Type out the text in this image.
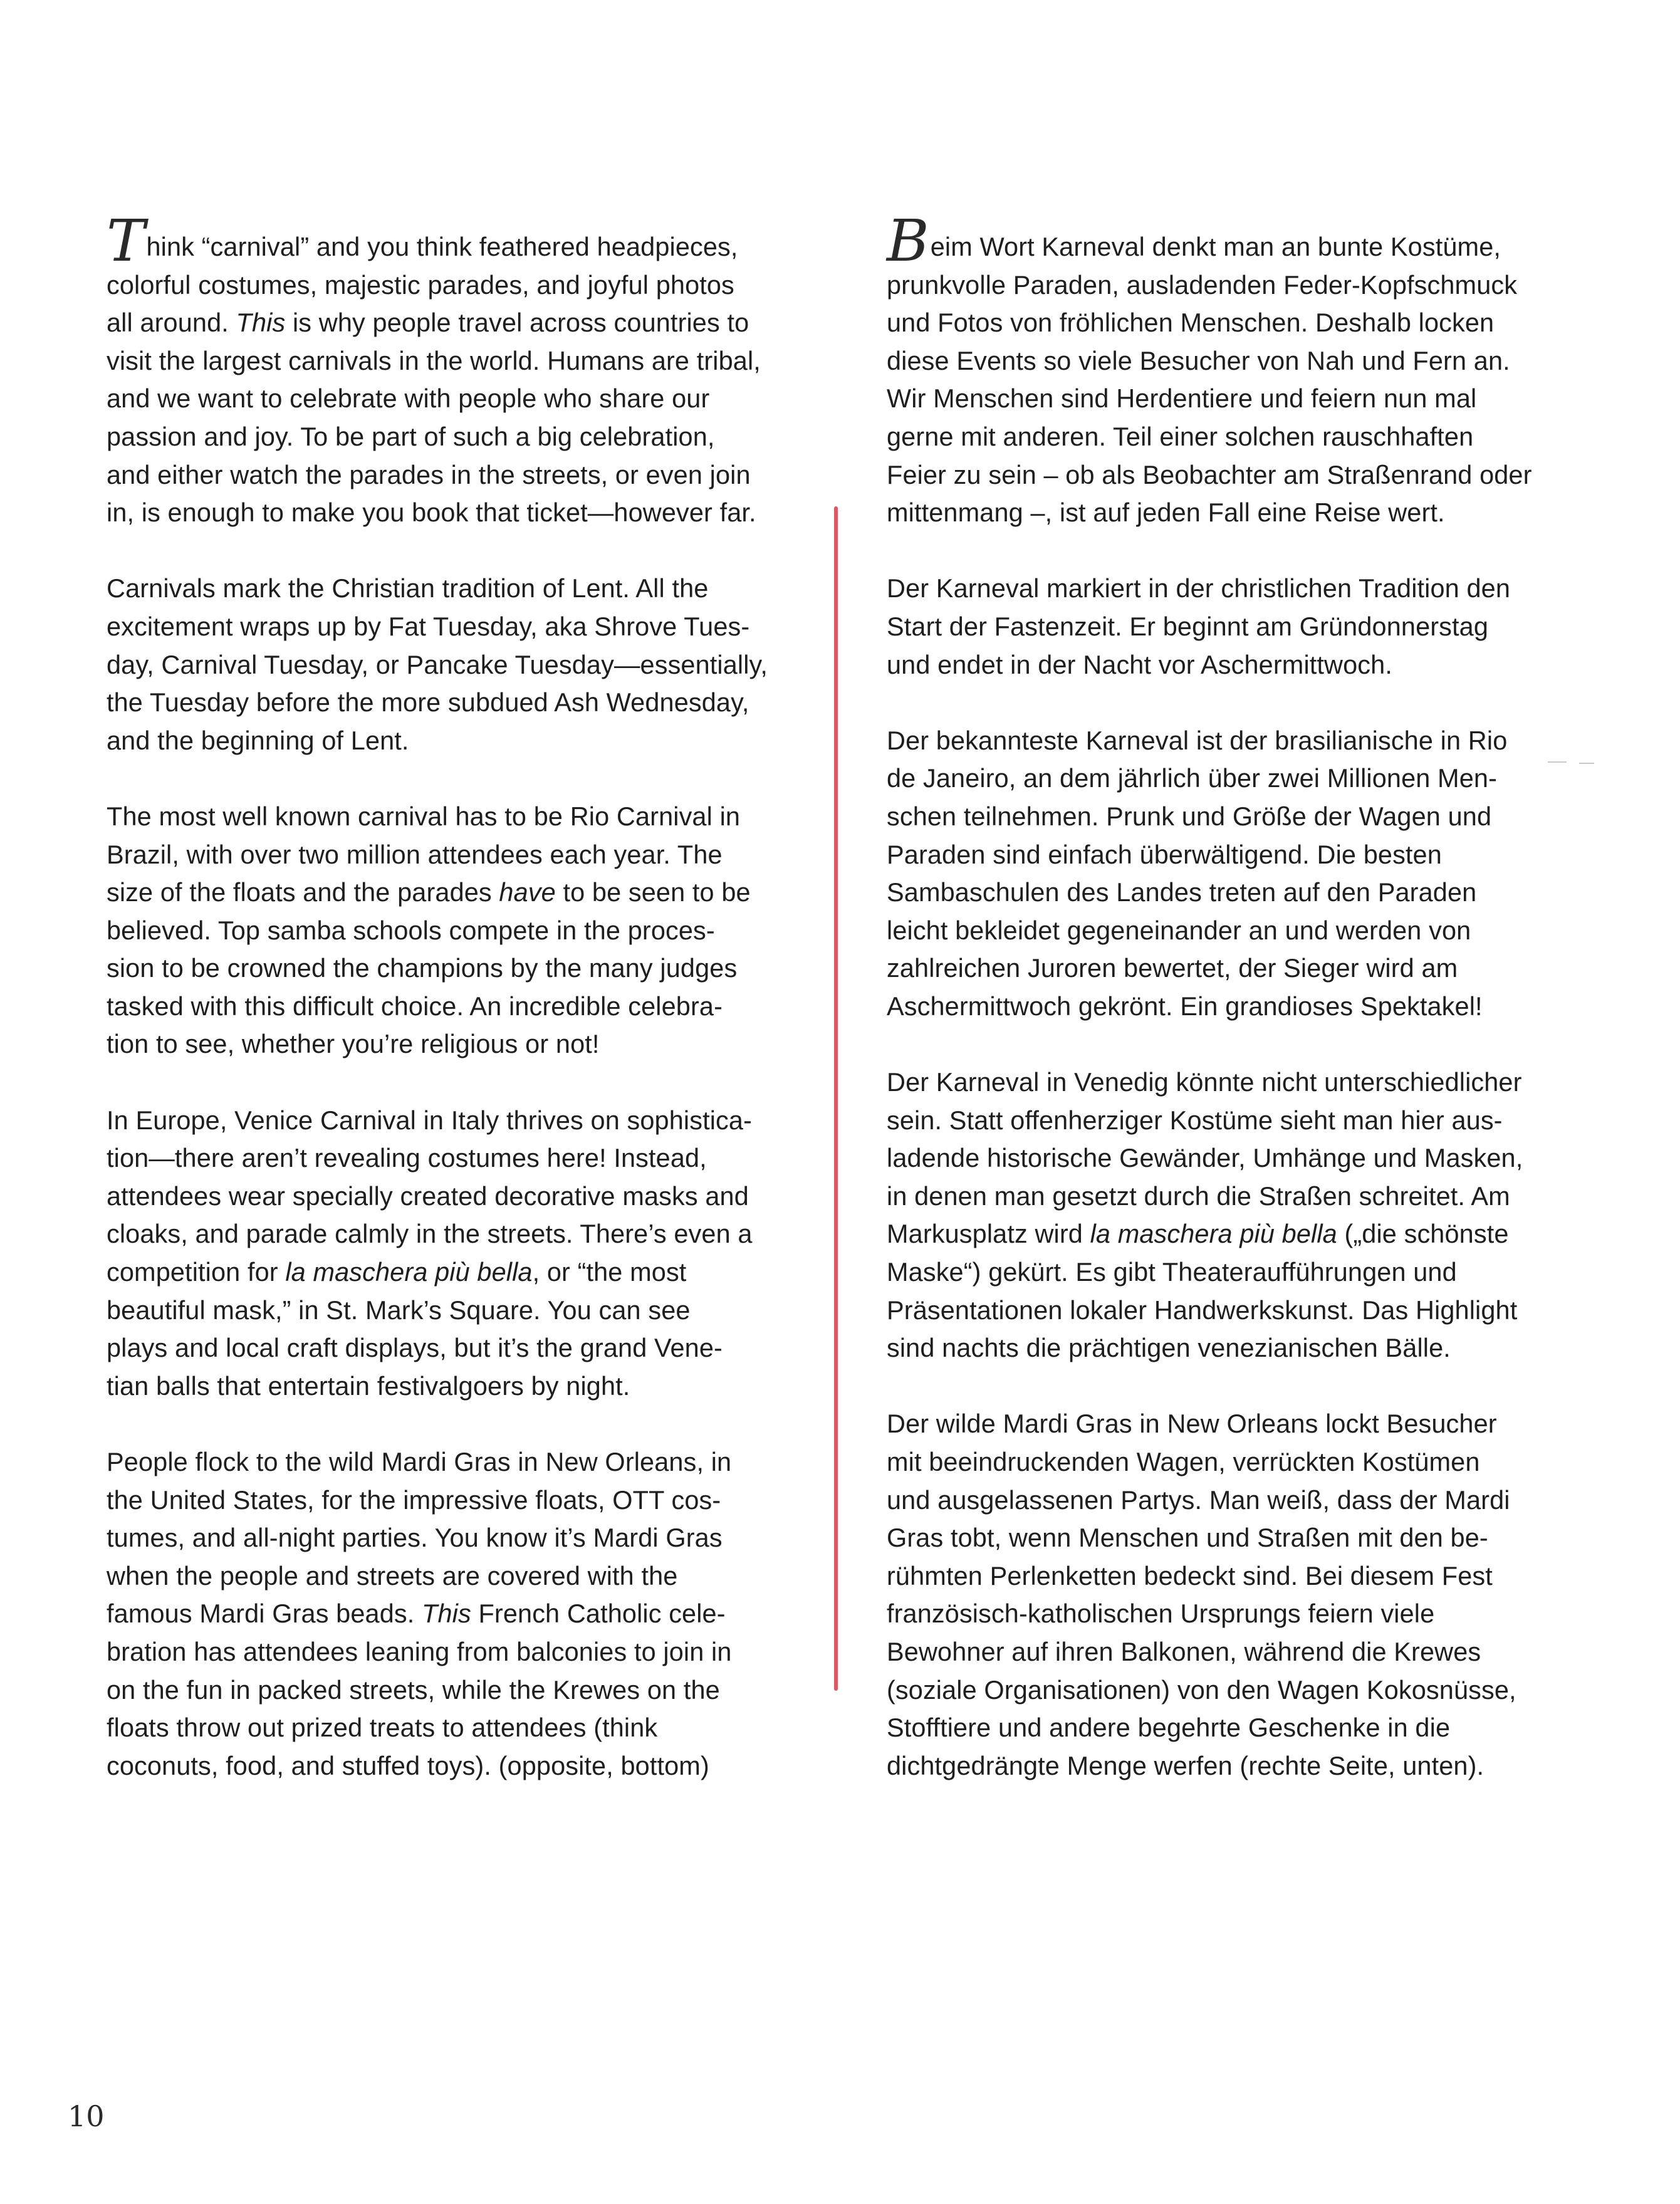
Think “carnival” and you think feathered headpieces,
colorful costumes, majestic parades, and joyful photos
all around. This is why people travel across countries to
visit the largest carnivals in the world. Humans are tribal,
and we want to celebrate with people who share our
passion and joy. To be part of such a big celebration,
and either watch the parades in the streets, or even join
in, is enough to make you book that ticket—however far.
Carnivals mark the Christian tradition of Lent. All the
excitement wraps up by Fat Tuesday, aka Shrove Tues-
day, Carnival Tuesday, or Pancake Tuesday—essentially,
the Tuesday before the more subdued Ash Wednesday,
and the beginning of Lent.
The most well known carnival has to be Rio Carnival in
Brazil, with over two million attendees each year. The
size of the floats and the parades have to be seen to be
believed. Top samba schools compete in the proces-
sion to be crowned the champions by the many judges
tasked with this difficult choice. An incredible celebra-
tion to see, whether you’re religious or not!
In Europe, Venice Carnival in Italy thrives on sophistica-
tion—there aren’t revealing costumes here! Instead,
attendees wear specially created decorative masks and
cloaks, and parade calmly in the streets. There’s even a
competition for la maschera più bella, or “the most
beautiful mask,” in St. Mark’s Square. You can see
plays and local craft displays, but it’s the grand Vene-
tian balls that entertain festivalgoers by night.
People flock to the wild Mardi Gras in New Orleans, in
the United States, for the impressive floats, OTT cos-
tumes, and all-night parties. You know it’s Mardi Gras
when the people and streets are covered with the
famous Mardi Gras beads. This French Catholic cele-
bration has attendees leaning from balconies to join in
on the fun in packed streets, while the Krewes on the
floats throw out prized treats to attendees (think
coconuts, food, and stuffed toys). (opposite, bottom)
Beim Wort Karneval denkt man an bunte Kostüme,
prunkvolle Paraden, ausladenden Feder-Kopfschmuck
und Fotos von fröhlichen Menschen. Deshalb locken
diese Events so viele Besucher von Nah und Fern an.
Wir Menschen sind Herdentiere und feiern nun mal
gerne mit anderen. Teil einer solchen rauschhaften
Feier zu sein – ob als Beobachter am Straßenrand oder
mittenmang –, ist auf jeden Fall eine Reise wert.
Der Karneval markiert in der christlichen Tradition den
Start der Fastenzeit. Er beginnt am Gründonnerstag
und endet in der Nacht vor Aschermittwoch.
Der bekannteste Karneval ist der brasilianische in Rio
de Janeiro, an dem jährlich über zwei Millionen Men-
schen teilnehmen. Prunk und Größe der Wagen und
Paraden sind einfach überwältigend. Die besten
Sambaschulen des Landes treten auf den Paraden
leicht bekleidet gegeneinander an und werden von
zahlreichen Juroren bewertet, der Sieger wird am
Aschermittwoch gekrönt. Ein grandioses Spektakel!
Der Karneval in Venedig könnte nicht unterschiedlicher
sein. Statt offenherziger Kostüme sieht man hier aus-
ladende historische Gewänder, Umhänge und Masken,
in denen man gesetzt durch die Straßen schreitet. Am
Markusplatz wird la maschera più bella („die schönste
Maske“) gekürt. Es gibt Theateraufführungen und
Präsentationen lokaler Handwerkskunst. Das Highlight
sind nachts die prächtigen venezianischen Bälle.
Der wilde Mardi Gras in New Orleans lockt Besucher
mit beeindruckenden Wagen, verrückten Kostümen
und ausgelassenen Partys. Man weiß, dass der Mardi
Gras tobt, wenn Menschen und Straßen mit den be-
rühmten Perlenketten bedeckt sind. Bei diesem Fest
französisch-katholischen Ursprungs feiern viele
Bewohner auf ihren Balkonen, während die Krewes
(soziale Organisationen) von den Wagen Kokosnüsse,
Stofftiere und andere begehrte Geschenke in die
dichtgedrängte Menge werfen (rechte Seite, unten).
10
